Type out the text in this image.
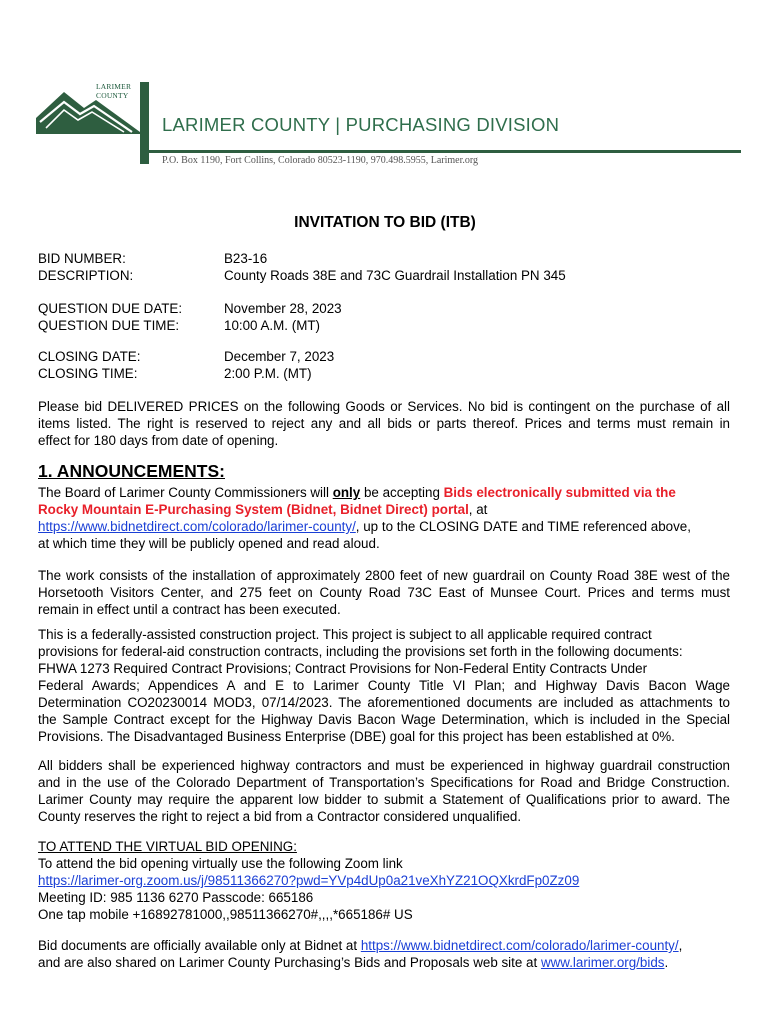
LARIMER
COUNTY
LARIMER COUNTY | PURCHASING DIVISION
P.O. Box 1190, Fort Collins, Colorado 80523-1190, 970.498.5955, Larimer.org
INVITATION TO BID (ITB)
BID NUMBER:	B23-16
DESCRIPTION:	County Roads 38E and 73C Guardrail Installation PN 345
QUESTION DUE DATE:	November 28, 2023
QUESTION DUE TIME:	10:00 A.M. (MT)
CLOSING DATE:	December 7, 2023
CLOSING TIME:	2:00 P.M. (MT)
Please bid DELIVERED PRICES on the following Goods or Services. No bid is contingent on the purchase of all
items listed. The right is reserved to reject any and all bids or parts thereof. Prices and terms must remain in
effect for 180 days from date of opening.
1. ANNOUNCEMENTS:
The Board of Larimer County Commissioners will only be accepting Bids electronically submitted via the
Rocky Mountain E-Purchasing System (Bidnet, Bidnet Direct) portal, at
https://www.bidnetdirect.com/colorado/larimer-county/, up to the CLOSING DATE and TIME referenced above,
at which time they will be publicly opened and read aloud.
The work consists of the installation of approximately 2800 feet of new guardrail on County Road 38E west of the
Horsetooth Visitors Center, and 275 feet on County Road 73C East of Munsee Court. Prices and terms must
remain in effect until a contract has been executed.
This is a federally-assisted construction project. This project is subject to all applicable required contract
provisions for federal-aid construction contracts, including the provisions set forth in the following documents:
FHWA 1273 Required Contract Provisions; Contract Provisions for Non-Federal Entity Contracts Under
Federal Awards; Appendices A and E to Larimer County Title VI Plan; and Highway Davis Bacon Wage
Determination CO20230014 MOD3, 07/14/2023. The aforementioned documents are included as attachments to
the Sample Contract except for the Highway Davis Bacon Wage Determination, which is included in the Special
Provisions. The Disadvantaged Business Enterprise (DBE) goal for this project has been established at 0%.
All bidders shall be experienced highway contractors and must be experienced in highway guardrail construction
and in the use of the Colorado Department of Transportation’s Specifications for Road and Bridge Construction.
Larimer County may require the apparent low bidder to submit a Statement of Qualifications prior to award. The
County reserves the right to reject a bid from a Contractor considered unqualified.
TO ATTEND THE VIRTUAL BID OPENING:
To attend the bid opening virtually use the following Zoom link
https://larimer-org.zoom.us/j/98511366270?pwd=YVp4dUp0a21veXhYZ21OQXkrdFp0Zz09
Meeting ID: 985 1136 6270 Passcode: 665186
One tap mobile +16892781000,,98511366270#,,,,*665186# US
Bid documents are officially available only at Bidnet at https://www.bidnetdirect.com/colorado/larimer-county/,
and are also shared on Larimer County Purchasing’s Bids and Proposals web site at www.larimer.org/bids.
